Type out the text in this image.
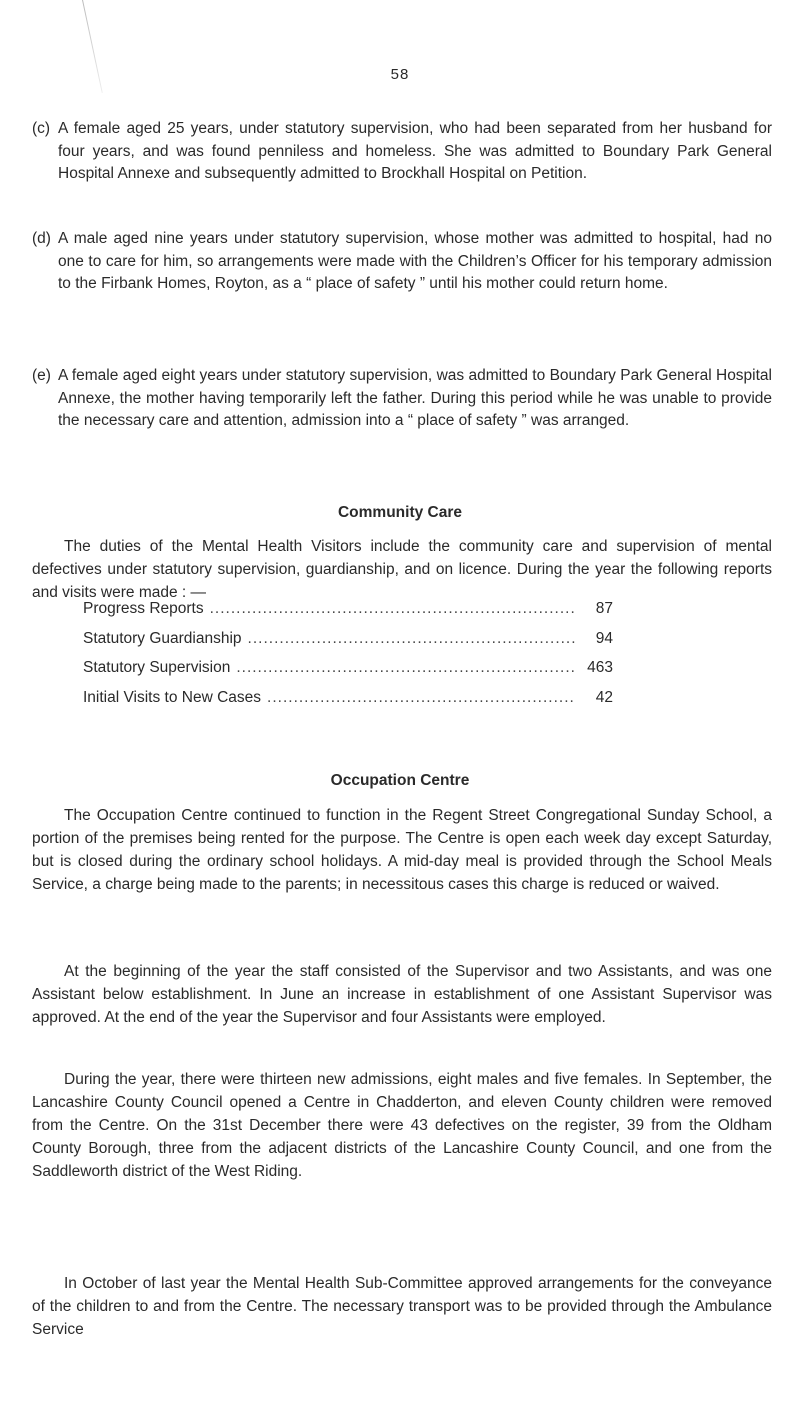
58
(c) A female aged 25 years, under statutory supervision, who had been separated from her husband for four years, and was found penniless and homeless. She was admitted to Boundary Park General Hospital Annexe and subsequently admitted to Brockhall Hospital on Petition.
(d) A male aged nine years under statutory supervision, whose mother was admitted to hospital, had no one to care for him, so arrangements were made with the Children’s Officer for his temporary admission to the Firbank Homes, Royton, as a “ place of safety ” until his mother could return home.
(e) A female aged eight years under statutory supervision, was admitted to Boundary Park General Hospital Annexe, the mother having temporarily left the father. During this period while he was unable to provide the necessary care and attention, admission into a “ place of safety ” was arranged.
Community Care

The duties of the Mental Health Visitors include the community care and supervision of mental defectives under statutory supervision, guardianship, and on licence. During the year the following reports and visits were made : —

Progress Reports .....	87
Statutory Guardianship .....	94
Statutory Supervision .....	463
Initial Visits to New Cases .....	42
Occupation Centre

The Occupation Centre continued to function in the Regent Street Congregational Sunday School, a portion of the premises being rented for the purpose. The Centre is open each week day except Saturday, but is closed during the ordinary school holidays. A mid-day meal is provided through the School Meals Service, a charge being made to the parents; in necessitous cases this charge is reduced or waived.

At the beginning of the year the staff consisted of the Supervisor and two Assistants, and was one Assistant below establishment. In June an increase in establishment of one Assistant Supervisor was approved. At the end of the year the Supervisor and four Assistants were employed.

During the year, there were thirteen new admissions, eight males and five females. In September, the Lancashire County Council opened a Centre in Chadderton, and eleven County children were removed from the Centre. On the 31st December there were 43 defectives on the register, 39 from the Oldham County Borough, three from the adjacent districts of the Lancashire County Council, and one from the Saddleworth district of the West Riding.

In October of last year the Mental Health Sub-Committee approved arrangements for the conveyance of the children to and from the Centre. The necessary transport was to be provided through the Ambulance Service
